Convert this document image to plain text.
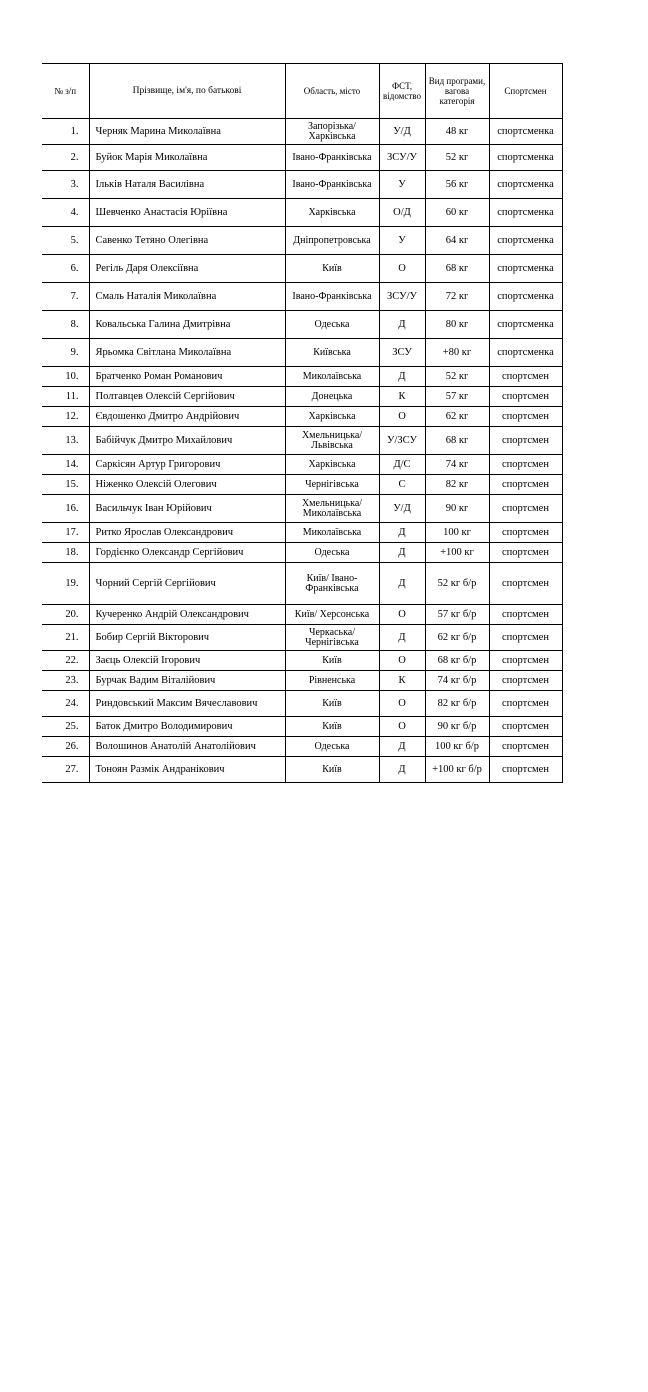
№ з/п	Прізвище, ім'я, по батькові	Область, місто	ФСТ, відомство	Вид програми, вагова категорія	Спортсмен
1.	Черняк Марина Миколаївна	Запорізька/ Харківська	У/Д	48 кг	спортсменка
2.	Буйок Марія Миколаївна	Івано-Франківська	ЗСУ/У	52 кг	спортсменка
3.	Ільків Наталя Василівна	Івано-Франківська	У	56 кг	спортсменка
4.	Шевченко Анастасія Юріївна	Харківська	О/Д	60 кг	спортсменка
5.	Савенко Тетяно Олегівна	Дніпропетровська	У	64 кг	спортсменка
6.	Регіль Даря Олексіївна	Київ	О	68 кг	спортсменка
7.	Смаль Наталія Миколаївна	Івано-Франківська	ЗСУ/У	72 кг	спортсменка
8.	Ковальська Галина Дмитрівна	Одеська	Д	80 кг	спортсменка
9.	Ярьомка Світлана Миколаївна	Київська	ЗСУ	+80 кг	спортсменка
10.	Братченко Роман Романович	Миколаївська	Д	52 кг	спортсмен
11.	Полтавцев Олексій Сергійович	Донецька	К	57 кг	спортсмен
12.	Євдошенко Дмитро Андрійович	Харківська	О	62 кг	спортсмен
13.	Бабійчук Дмитро Михайлович	Хмельницька/ Львівська	У/ЗСУ	68 кг	спортсмен
14.	Саркісян Артур Григорович	Харківська	Д/С	74 кг	спортсмен
15.	Ніженко Олексій Олегович	Чернігівська	С	82 кг	спортсмен
16.	Васильчук Іван Юрійович	Хмельницька/ Миколаївська	У/Д	90 кг	спортсмен
17.	Ритко Ярослав Олександрович	Миколаївська	Д	100 кг	спортсмен
18.	Гордієнко Олександр Сергійович	Одеська	Д	+100 кг	спортсмен
19.	Чорний Сергій Сергійович	Київ/ Івано-Франківська	Д	52 кг б/р	спортсмен
20.	Кучеренко Андрій Олександрович	Київ/ Херсонська	О	57 кг б/р	спортсмен
21.	Бобир Сергій Вікторович	Черкаська/ Чернігівська	Д	62 кг б/р	спортсмен
22.	Заєць Олексій Ігорович	Київ	О	68 кг б/р	спортсмен
23.	Бурчак Вадим Віталійович	Рівненська	К	74 кг б/р	спортсмен
24.	Риндовський Максим Вячеславович	Київ	О	82 кг б/р	спортсмен
25.	Баток Дмитро Володимирович	Київ	О	90 кг б/р	спортсмен
26.	Волошинов Анатолій Анатолійович	Одеська	Д	100 кг б/р	спортсмен
27.	Тоноян Размік Андранікович	Київ	Д	+100 кг б/р	спортсмен
